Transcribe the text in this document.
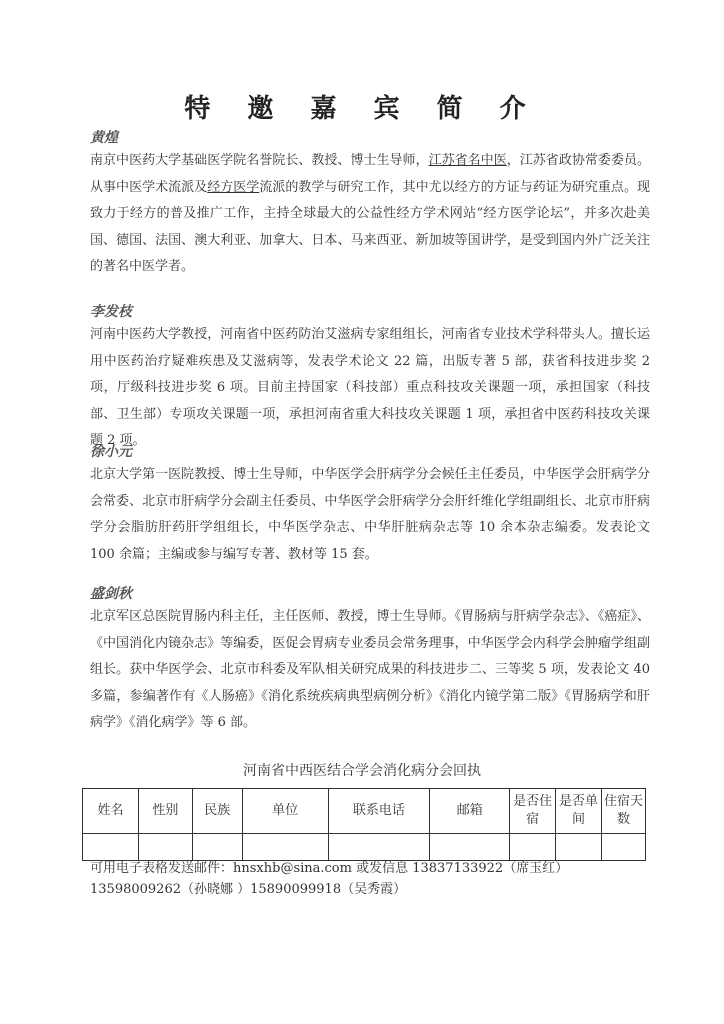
特 邀 嘉 宾 简 介
黄煌
南京中医药大学基础医学院名誉院长、教授、博士生导师，江苏省名中医，江苏省政协常委委员。从事中医学术流派及经方医学流派的教学与研究工作，其中尤以经方的方证与药证为研究重点。现致力于经方的普及推广工作，主持全球最大的公益性经方学术网站“经方医学论坛”，并多次赴美国、德国、法国、澳大利亚、加拿大、日本、马来西亚、新加坡等国讲学，是受到国内外广泛关注的著名中医学者。
李发枝
河南中医药大学教授，河南省中医药防治艾滋病专家组组长，河南省专业技术学科带头人。擅长运用中医药治疗疑难疾患及艾滋病等，发表学术论文 22 篇，出版专著 5 部，获省科技进步奖 2 项，厅级科技进步奖 6 项。目前主持国家（科技部）重点科技攻关课题一项，承担国家（科技部、卫生部）专项攻关课题一项，承担河南省重大科技攻关课题 1 项，承担省中医药科技攻关课题 2 项。
徐小元
北京大学第一医院教授、博士生导师，中华医学会肝病学分会候任主任委员，中华医学会肝病学分会常委、北京市肝病学分会副主任委员、中华医学会肝病学分会肝纤维化学组副组长、北京市肝病学分会脂肪肝药肝学组组长，中华医学杂志、中华肝脏病杂志等 10 余本杂志编委。发表论文 100 余篇；主编或参与编写专著、教材等 15 套。
盛剑秋
北京军区总医院胃肠内科主任，主任医师、教授，博士生导师。《胃肠病与肝病学杂志》、《癌症》、《中国消化内镜杂志》等编委，医促会胃病专业委员会常务理事，中华医学会内科学会肿瘤学组副组长。获中华医学会、北京市科委及军队相关研究成果的科技进步二、三等奖 5 项，发表论文 40 多篇，参编著作有《人肠癌》《消化系统疾病典型病例分析》《消化内镜学第二版》《胃肠病学和肝病学》《消化病学》等 6 部。
河南省中西医结合学会消化病分会回执
姓名	性别	民族	单位	联系电话	邮箱	是否住宿	是否单间	住宿天数

可用电子表格发送邮件：hnsxhb@sina.com 或发信息 13837133922（席玉红）13598009262（孙晓娜 ）15890099918（吴秀霞）
